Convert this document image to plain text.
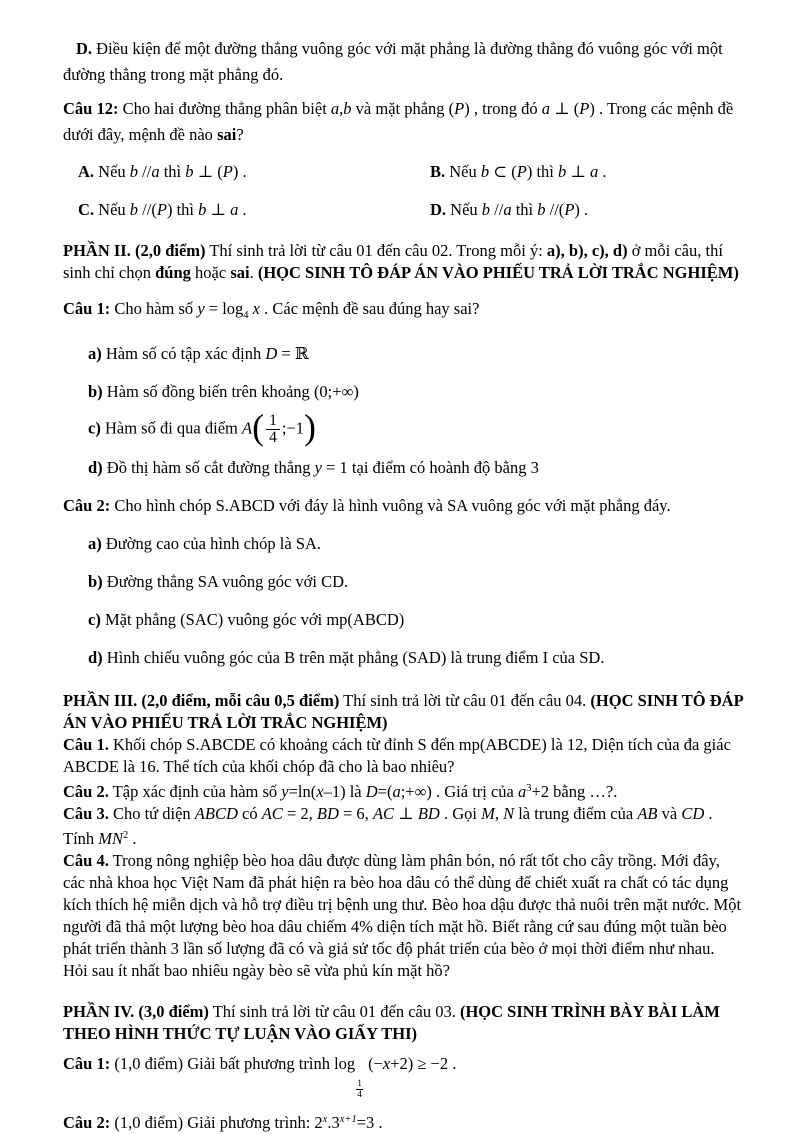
D. Điều kiện để một đường thẳng vuông góc với mặt phẳng là đường thẳng đó vuông góc với một đường thẳng trong mặt phẳng đó.

Câu 12: Cho hai đường thẳng phân biệt a,b và mặt phẳng (P) , trong đó a ⊥ (P) . Trong các mệnh đề dưới đây, mệnh đề nào sai?

A. Nếu b //a thì b ⊥ (P) .	B. Nếu b ⊂ (P) thì b ⊥ a .

C. Nếu b //(P) thì b ⊥ a .	D. Nếu b //a thì b //(P) .

PHẦN II. (2,0 điểm) Thí sinh trả lời từ câu 01 đến câu 02. Trong mỗi ý: a), b), c), d) ở mỗi câu, thí sinh chỉ chọn đúng hoặc sai. (HỌC SINH TÔ ĐÁP ÁN VÀO PHIẾU TRẢ LỜI TRẮC NGHIỆM)

Câu 1: Cho hàm số $y = \log_4 x$ . Các mệnh đề sau đúng hay sai?

a) Hàm số có tập xác định D = ℝ

b) Hàm số đồng biến trên khoảng (0;+∞)

c) Hàm số đi qua điểm $A( \frac{1}{4}$ ;−1)

d) Đồ thị hàm số cắt đường thẳng y = 1 tại điểm có hoành độ bằng 3

Câu 2: Cho hình chóp S.ABCD với đáy là hình vuông và SA vuông góc với mặt phẳng đáy.

a) Đường cao của hình chóp là SA.

b) Đường thẳng SA vuông góc với CD.

c) Mặt phẳng (SAC) vuông góc với mp(ABCD)

d) Hình chiếu vuông góc của B trên mặt phẳng (SAD) là trung điểm I của SD.

PHẦN III. (2,0 điểm, mỗi câu 0,5 điểm) Thí sinh trả lời từ câu 01 đến câu 04. (HỌC SINH TÔ ĐÁP ÁN VÀO PHIẾU TRẢ LỜI TRẮC NGHIỆM)

Câu 1. Khối chóp S.ABCDE có khoảng cách từ đỉnh S đến mp(ABCDE) là 12, Diện tích của đa giác ABCDE là 16. Thể tích của khối chóp đã cho là bao nhiêu?

Câu 2. Tập xác định của hàm số y=ln(x–1) là D=(a;+∞) . Giá trị của $a^3+2$ bằng …?.

Câu 3. Cho tứ diện ABCD có AC = 2, BD = 6, AC ⊥ BD . Gọi M, N là trung điểm của AB và CD . Tính $MN^2$ .

Câu 4. Trong nông nghiệp bèo hoa dâu được dùng làm phân bón, nó rất tốt cho cây trồng. Mới đây, các nhà khoa học Việt Nam đã phát hiện ra bèo hoa dâu có thể dùng để chiết xuất ra chất có tác dụng kích thích hệ miễn dịch và hỗ trợ điều trị bệnh ung thư. Bèo hoa dậu được thả nuôi trên mặt nước. Một người đã thả một lượng bèo hoa dâu chiếm 4% diện tích mặt hồ. Biết rằng cứ sau đúng một tuần bèo phát triển thành 3 lần số lượng đã có và giả sử tốc độ phát triển của bèo ở mọi thời điểm như nhau. Hỏi sau ít nhất bao nhiêu ngày bèo sẽ vừa phủ kín mặt hồ?

PHẦN IV. (3,0 điểm) Thí sinh trả lời từ câu 01 đến câu 03. (HỌC SINH TRÌNH BÀY BÀI LÀM THEO HÌNH THỨC TỰ LUẬN VÀO GIẤY THI)

Câu 1: (1,0 điểm) Giải bất phương trình log
$\frac{1}{4}$
(−x+2) ≥ −2 .

Câu 2: (1,0 điểm) Giải phương trình: $2^x.3^{x+1}=3$ .
